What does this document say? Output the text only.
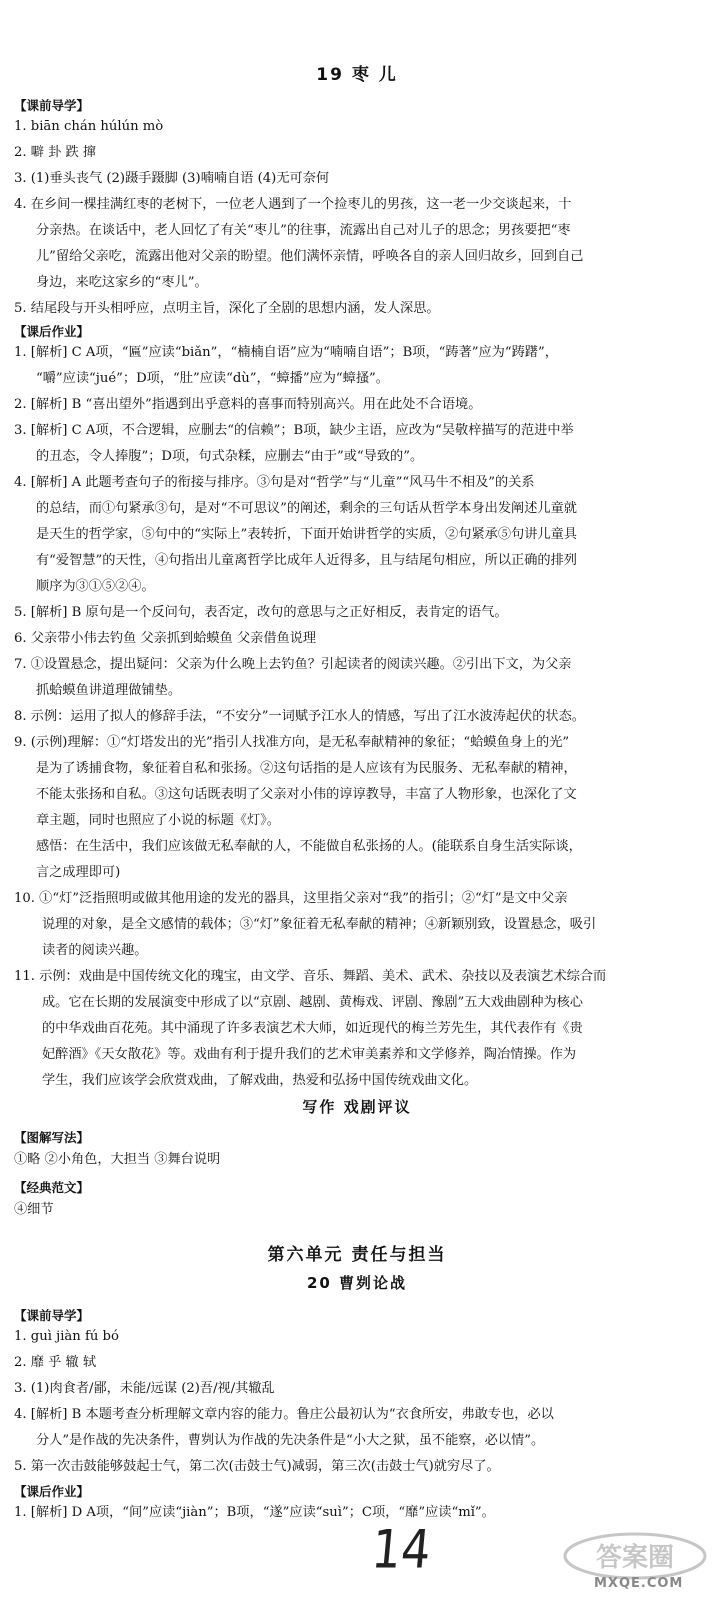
19 枣 儿
【课前导学】
1. biān chán húlún mò
2. 噼 卦 跌 撺
3. (1)垂头丧气 (2)蹑手蹑脚 (3)喃喃自语 (4)无可奈何
4. 在乡间一棵挂满红枣的老树下，一位老人遇到了一个捡枣儿的男孩，这一老一少交谈起来，十
分亲热。在谈话中，老人回忆了有关“枣儿”的往事，流露出自己对儿子的思念；男孩要把“枣
儿”留给父亲吃，流露出他对父亲的盼望。他们满怀亲情，呼唤各自的亲人回归故乡，回到自己
身边，来吃这家乡的“枣儿”。
5. 结尾段与开头相呼应，点明主旨，深化了全剧的思想内涵，发人深思。
【课后作业】
1. [解析] C A项，“匾”应读“biǎn”，“楠楠自语”应为“喃喃自语”；B项，“踌著”应为“踌躇”，
“嚼”应读“jué”；D项，“肚”应读“dù”，“蟑播”应为“蟑搔”。
2. [解析] B “喜出望外”指遇到出乎意料的喜事而特别高兴。用在此处不合语境。
3. [解析] C A项，不合逻辑，应删去“的信赖”；B项，缺少主语，应改为“吴敬梓描写的范进中举
的丑态，令人捧腹”；D项，句式杂糅，应删去“由于”或“导致的”。
4. [解析] A 此题考查句子的衔接与排序。③句是对“哲学”与“儿童”“风马牛不相及”的关系
的总结，而①句紧承③句，是对“不可思议”的阐述，剩余的三句话从哲学本身出发阐述儿童就
是天生的哲学家，⑤句中的“实际上”表转折，下面开始讲哲学的实质，②句紧承⑤句讲儿童具
有“爱智慧”的天性，④句指出儿童离哲学比成年人近得多，且与结尾句相应，所以正确的排列
顺序为③①⑤②④。
5. [解析] B 原句是一个反问句，表否定，改句的意思与之正好相反，表肯定的语气。
6. 父亲带小伟去钓鱼 父亲抓到蛤蟆鱼 父亲借鱼说理
7. ①设置悬念，提出疑问：父亲为什么晚上去钓鱼？引起读者的阅读兴趣。②引出下文，为父亲
抓蛤蟆鱼讲道理做铺垫。
8. 示例：运用了拟人的修辞手法，“不安分”一词赋予江水人的情感，写出了江水波涛起伏的状态。
9. (示例)理解：①“灯塔发出的光”指引人找准方向，是无私奉献精神的象征；“蛤蟆鱼身上的光”
是为了诱捕食物，象征着自私和张扬。②这句话指的是人应该有为民服务、无私奉献的精神，
不能太张扬和自私。③这句话既表明了父亲对小伟的谆谆教导，丰富了人物形象，也深化了文
章主题，同时也照应了小说的标题《灯》。
感悟：在生活中，我们应该做无私奉献的人，不能做自私张扬的人。(能联系自身生活实际谈，
言之成理即可)
10. ①“灯”泛指照明或做其他用途的发光的器具，这里指父亲对“我”的指引；②“灯”是文中父亲
说理的对象，是全文感情的载体；③“灯”象征着无私奉献的精神；④新颖别致，设置悬念，吸引
读者的阅读兴趣。
11. 示例：戏曲是中国传统文化的瑰宝，由文学、音乐、舞蹈、美术、武术、杂技以及表演艺术综合而
成。它在长期的发展演变中形成了以“京剧、越剧、黄梅戏、评剧、豫剧”五大戏曲剧种为核心
的中华戏曲百花苑。其中涌现了许多表演艺术大师，如近现代的梅兰芳先生，其代表作有《贵
妃醉酒》《天女散花》等。戏曲有利于提升我们的艺术审美素养和文学修养，陶冶情操。作为
学生，我们应该学会欣赏戏曲，了解戏曲，热爱和弘扬中国传统戏曲文化。
写作 戏剧评议
【图解写法】
①略 ②小角色，大担当 ③舞台说明
【经典范文】
④细节
第六单元 责任与担当
20 曹刿论战
【课前导学】
1. guì jiàn fú bó
2. 靡 乎 辙 轼
3. (1)肉食者/鄙，未能/远谋 (2)吾/视/其辙乱
4. [解析] B 本题考查分析理解文章内容的能力。鲁庄公最初认为“衣食所安，弗敢专也，必以
分人”是作战的先决条件，曹刿认为作战的先决条件是“小大之狱，虽不能察，必以情”。
5. 第一次击鼓能够鼓起士气，第二次(击鼓士气)减弱，第三次(击鼓士气)就穷尽了。
【课后作业】
1. [解析] D A项，“间”应读“jiàn”；B项，“遂”应读“suì”；C项，“靡”应读“mǐ”。
14	答案圈
MXQE.COM
